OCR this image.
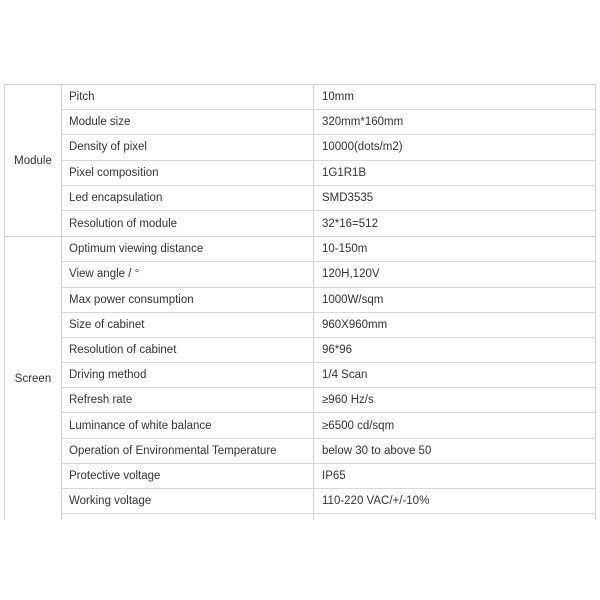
Module
Pitch	10mm
Module size	320mm*160mm
Density of pixel	10000(dots/m2)
Pixel composition	1G1R1B
Led encapsulation	SMD3535
Resolution of module	32*16=512
Screen
Optimum viewing distance	10-150m
View angle / °	120H,120V
Max power consumption	1000W/sqm
Size of cabinet	960X960mm
Resolution of cabinet	96*96
Driving method	1/4 Scan
Refresh rate	≥960 Hz/s
Luminance of white balance	≥6500 cd/sqm
Operation of Environmental Temperature	below 30 to above 50
Protective voltage	IP65
Working voltage	110-220 VAC/+/-10%
